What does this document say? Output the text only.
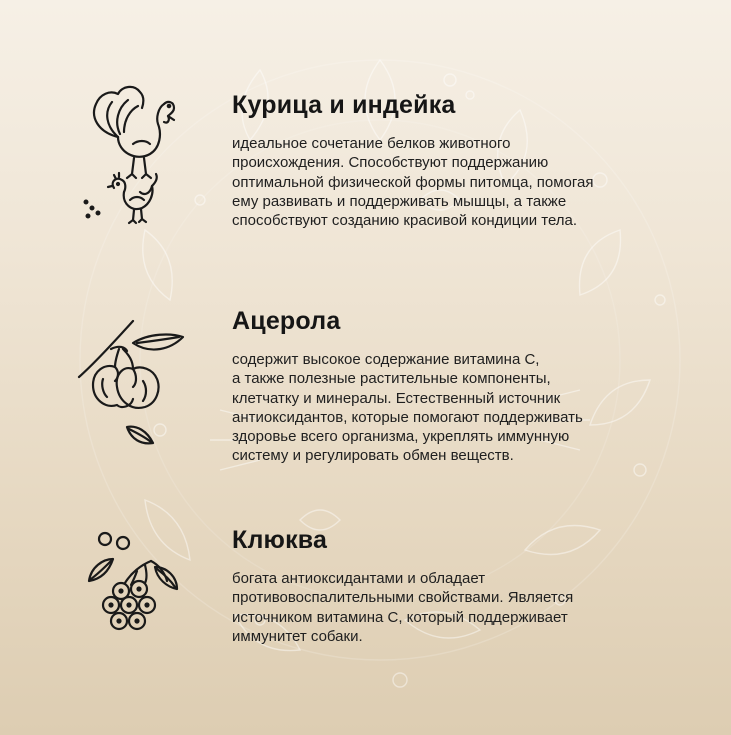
Курица и индейка

идеальное сочетание белков животного
происхождения. Способствуют поддержанию
оптимальной физической формы питомца, помогая
ему развивать и поддерживать мышцы, а также
способствуют созданию красивой кондиции тела.

Ацерола

содержит высокое содержание витамина С,
а также полезные растительные компоненты,
клетчатку и минералы. Естественный источник
антиоксидантов, которые помогают поддерживать
здоровье всего организма, укреплять иммунную
систему и регулировать обмен веществ.

Клюква

богата антиоксидантами и обладает
противовоспалительными свойствами. Является
источником витамина С, который поддерживает
иммунитет собаки.
